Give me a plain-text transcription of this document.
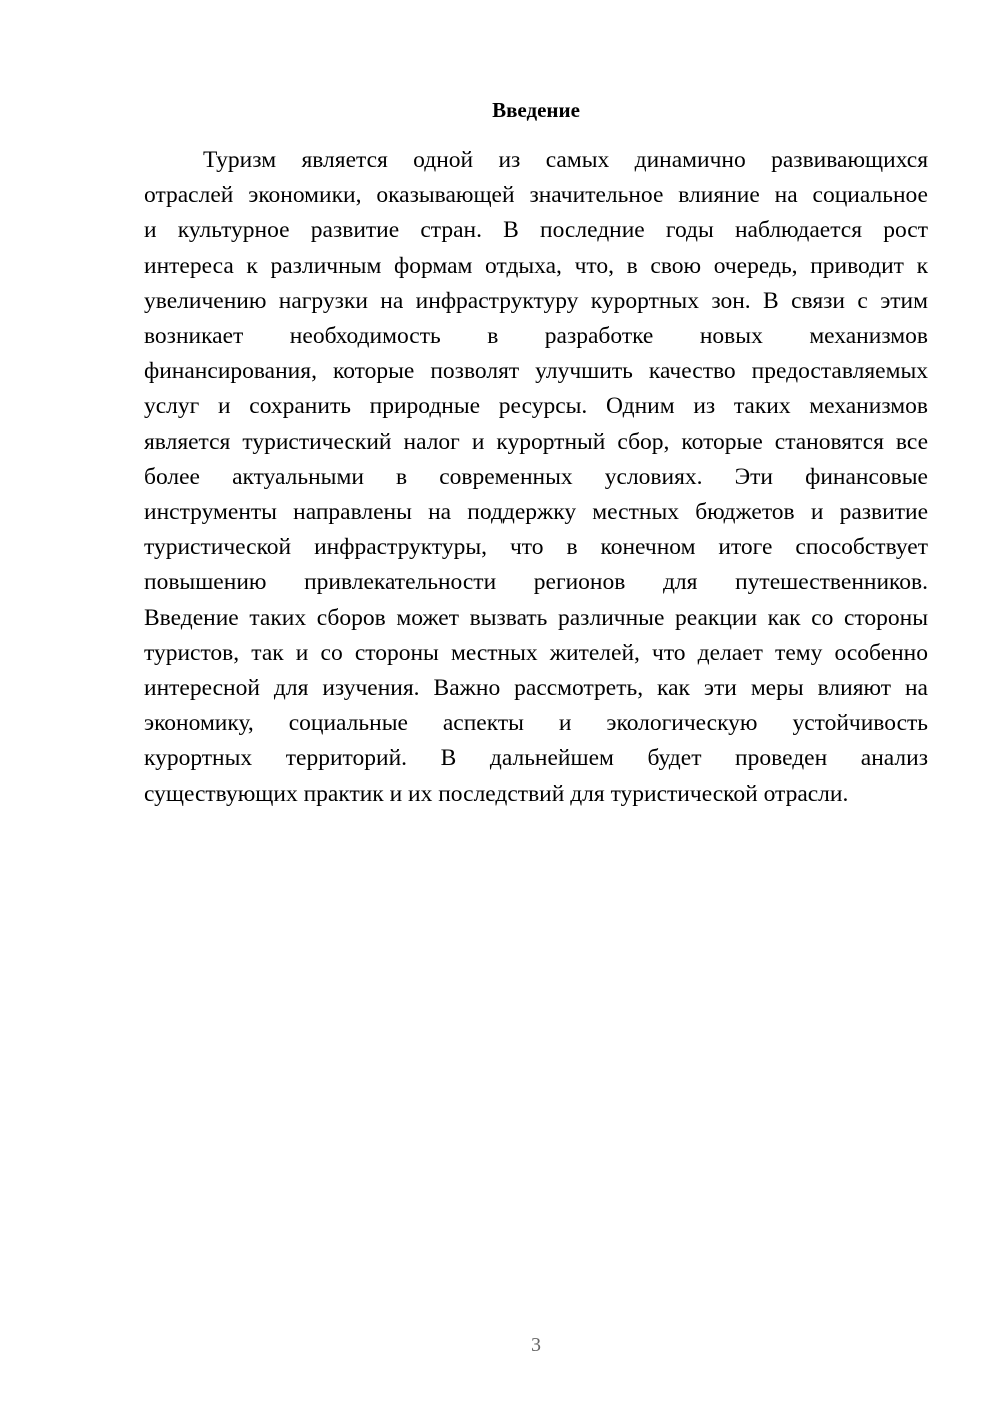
Введение
Туризм является одной из самых динамично развивающихся
отраслей экономики, оказывающей значительное влияние на социальное
и культурное развитие стран. В последние годы наблюдается рост
интереса к различным формам отдыха, что, в свою очередь, приводит к
увеличению нагрузки на инфраструктуру курортных зон. В связи с этим
возникает необходимость в разработке новых механизмов
финансирования, которые позволят улучшить качество предоставляемых
услуг и сохранить природные ресурсы. Одним из таких механизмов
является туристический налог и курортный сбор, которые становятся все
более актуальными в современных условиях. Эти финансовые
инструменты направлены на поддержку местных бюджетов и развитие
туристической инфраструктуры, что в конечном итоге способствует
повышению привлекательности регионов для путешественников.
Введение таких сборов может вызвать различные реакции как со стороны
туристов, так и со стороны местных жителей, что делает тему особенно
интересной для изучения. Важно рассмотреть, как эти меры влияют на
экономику, социальные аспекты и экологическую устойчивость
курортных территорий. В дальнейшем будет проведен анализ
существующих практик и их последствий для туристической отрасли.
3
